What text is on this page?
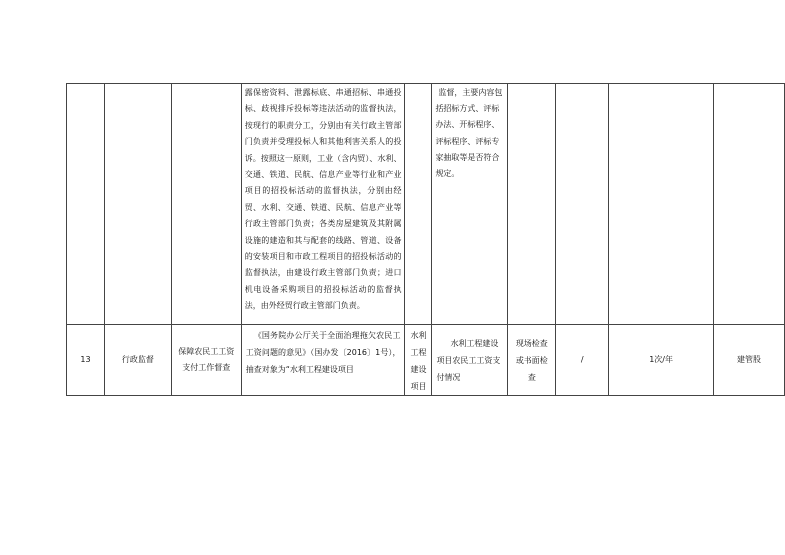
			露保密资料、泄露标底、串通招标、串通投标、歧视排斥投标等违法活动的监督执法，按现行的职责分工，分别由有关行政主管部门负责并受理投标人和其他利害关系人的投诉。按照这一原则，工业（含内贸）、水利、交通、铁道、民航、信息产业等行业和产业项目的招投标活动的监督执法，分别由经贸、水利、交通、铁道、民航、信息产业等行政主管部门负责；各类房屋建筑及其附属设施的建造和其与配套的线路、管道、设备的安装项目和市政工程项目的招投标活动的监督执法，由建设行政主管部门负责；进口机电设备采购项目的招投标活动的监督执法，由外经贸行政主管部门负责。		监督，主要内容包括招标方式、评标办法、开标程序、评标程序、评标专家抽取等是否符合规定。				
13	行政监督	保障农民工工资支付工作督查	《国务院办公厅关于全面治理拖欠农民工工资问题的意见》（国办发〔2016〕1号），抽查对象为“水利工程建设项目	水利工程建设项目	水利工程建设项目农民工工资支付情况	现场检查或书面检查	/	1次/年	建管股
